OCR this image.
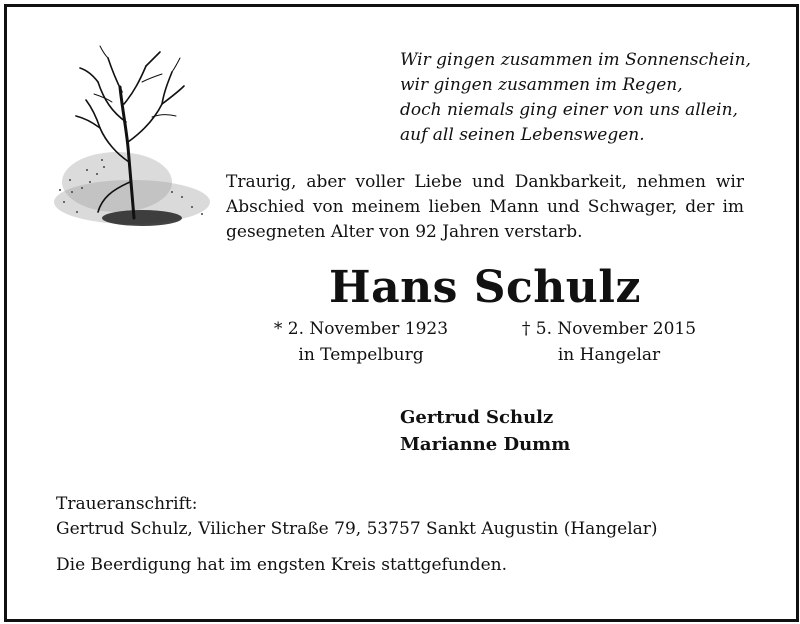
Wir gingen zusammen im Sonnenschein,
wir gingen zusammen im Regen,
doch niemals ging einer von uns allein,
auf all seinen Lebenswegen.
Traurig, aber voller Liebe und Dankbarkeit, nehmen wir Abschied von meinem lieben Mann und Schwager, der im gesegneten Alter von 92 Jahren verstarb.
Hans Schulz
* 2. November 1923
in Tempelburg
† 5. November 2015
in Hangelar
Gertrud Schulz
Marianne Dumm
Traueranschrift:
Gertrud Schulz, Vilicher Straße 79, 53757 Sankt Augustin (Hangelar)
Die Beerdigung hat im engsten Kreis stattgefunden.
